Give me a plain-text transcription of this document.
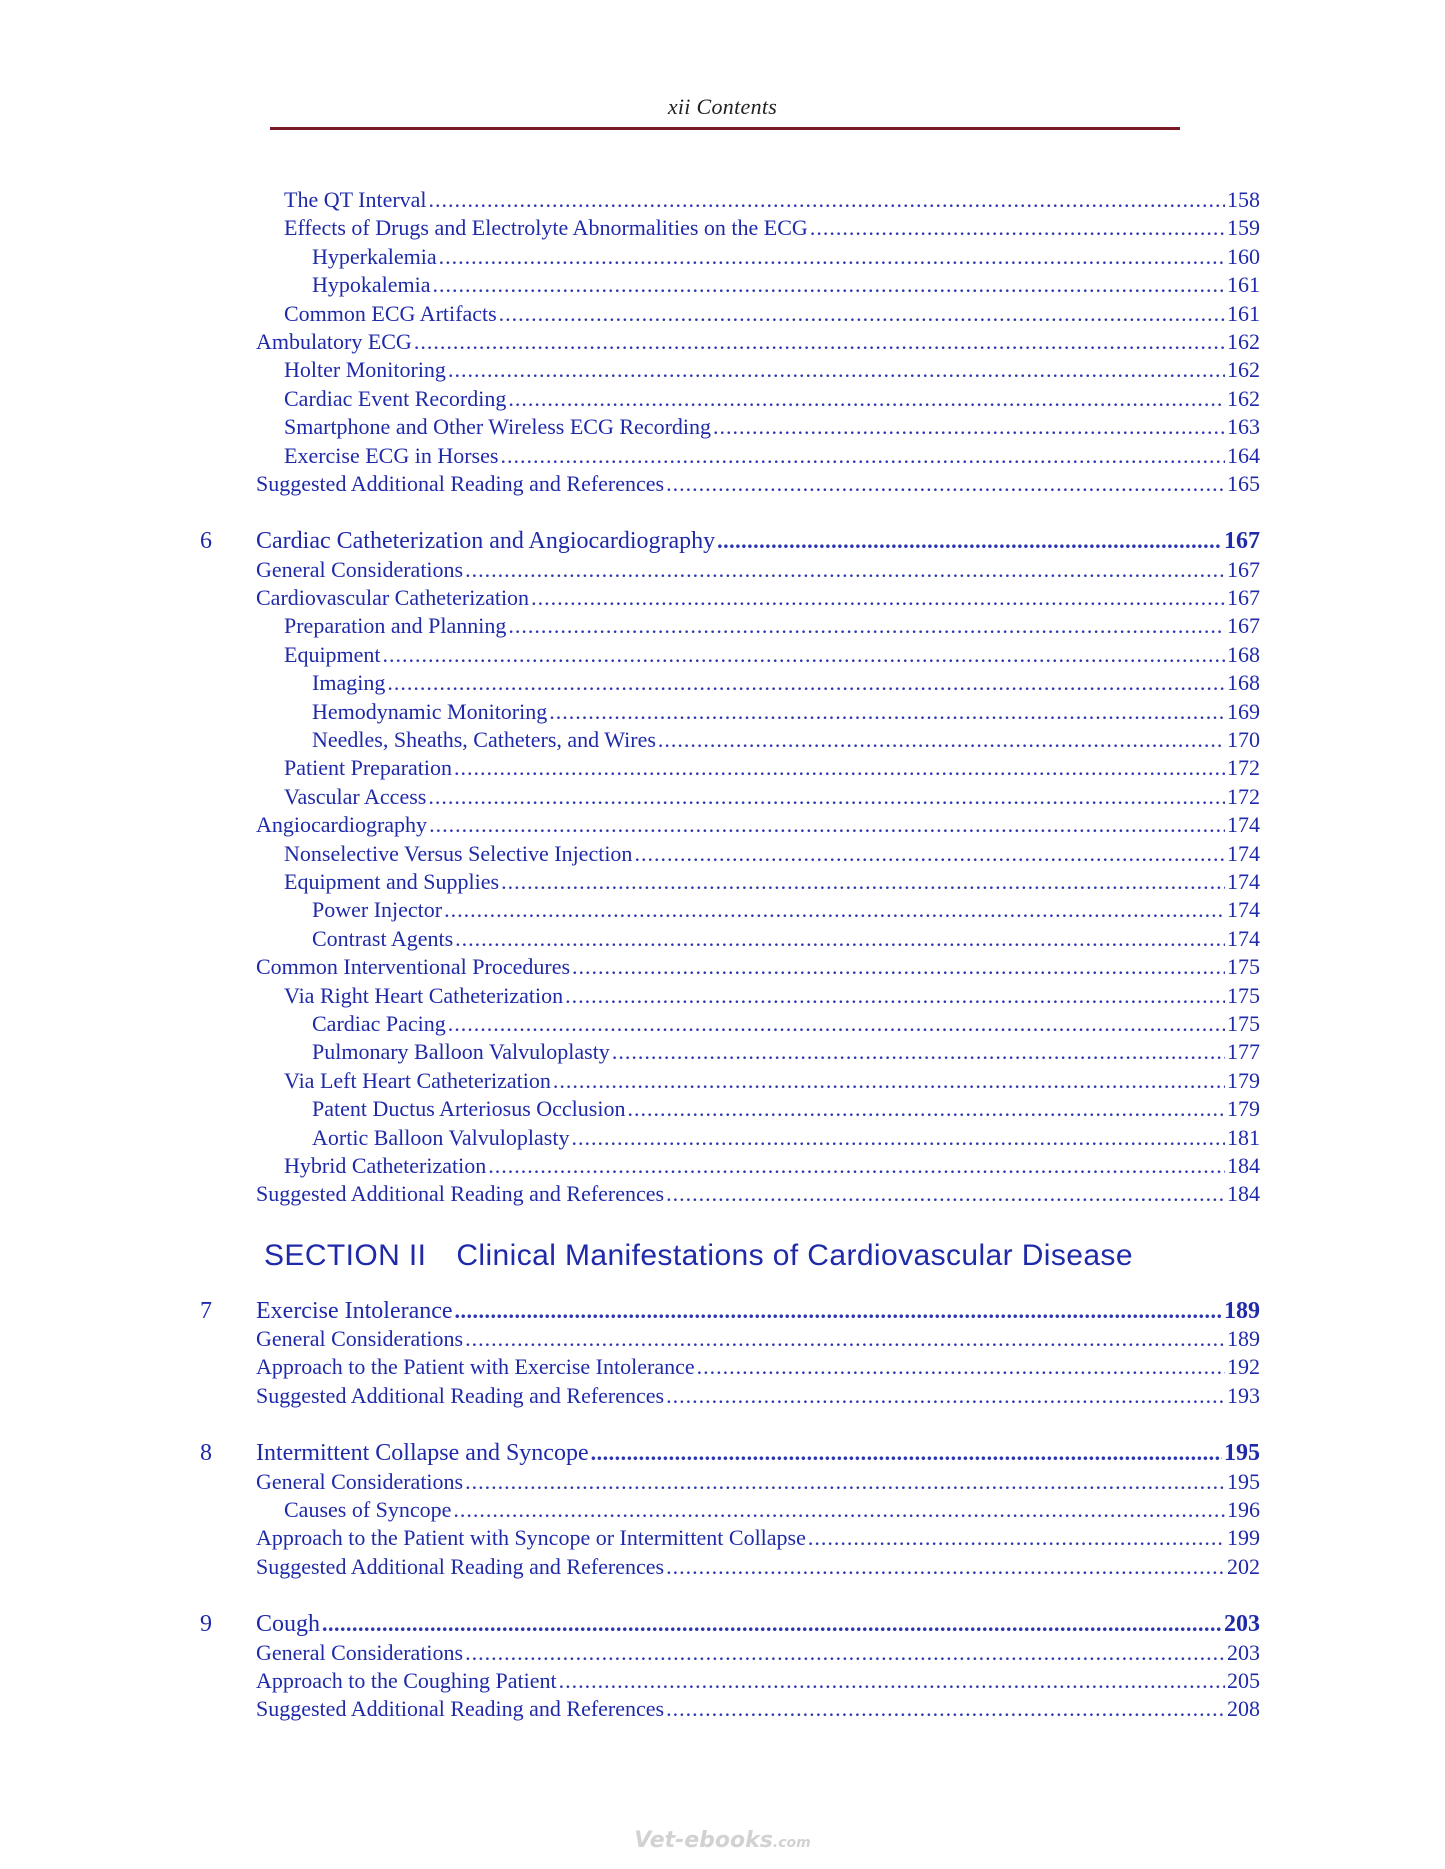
xii Contents
The QT Interval .....	158
Effects of Drugs and Electrolyte Abnormalities on the ECG .....	159
Hyperkalemia .....	160
Hypokalemia .....	161
Common ECG Artifacts .....	161
Ambulatory ECG .....	162
Holter Monitoring .....	162
Cardiac Event Recording .....	162
Smartphone and Other Wireless ECG Recording .....	163
Exercise ECG in Horses .....	164
Suggested Additional Reading and References .....	165
6	Cardiac Catheterization and Angiocardiography .....	167
General Considerations .....	167
Cardiovascular Catheterization .....	167
Preparation and Planning .....	167
Equipment .....	168
Imaging .....	168
Hemodynamic Monitoring .....	169
Needles, Sheaths, Catheters, and Wires .....	170
Patient Preparation .....	172
Vascular Access .....	172
Angiocardiography .....	174
Nonselective Versus Selective Injection .....	174
Equipment and Supplies .....	174
Power Injector .....	174
Contrast Agents .....	174
Common Interventional Procedures .....	175
Via Right Heart Catheterization .....	175
Cardiac Pacing .....	175
Pulmonary Balloon Valvuloplasty .....	177
Via Left Heart Catheterization .....	179
Patent Ductus Arteriosus Occlusion .....	179
Aortic Balloon Valvuloplasty .....	181
Hybrid Catheterization .....	184
Suggested Additional Reading and References .....	184
SECTION II Clinical Manifestations of Cardiovascular Disease
7	Exercise Intolerance .....	189
General Considerations .....	189
Approach to the Patient with Exercise Intolerance .....	192
Suggested Additional Reading and References .....	193
8	Intermittent Collapse and Syncope .....	195
General Considerations .....	195
Causes of Syncope .....	196
Approach to the Patient with Syncope or Intermittent Collapse .....	199
Suggested Additional Reading and References .....	202
9	Cough .....	203
General Considerations .....	203
Approach to the Coughing Patient .....	205
Suggested Additional Reading and References .....	208
Vet-ebooks.com
